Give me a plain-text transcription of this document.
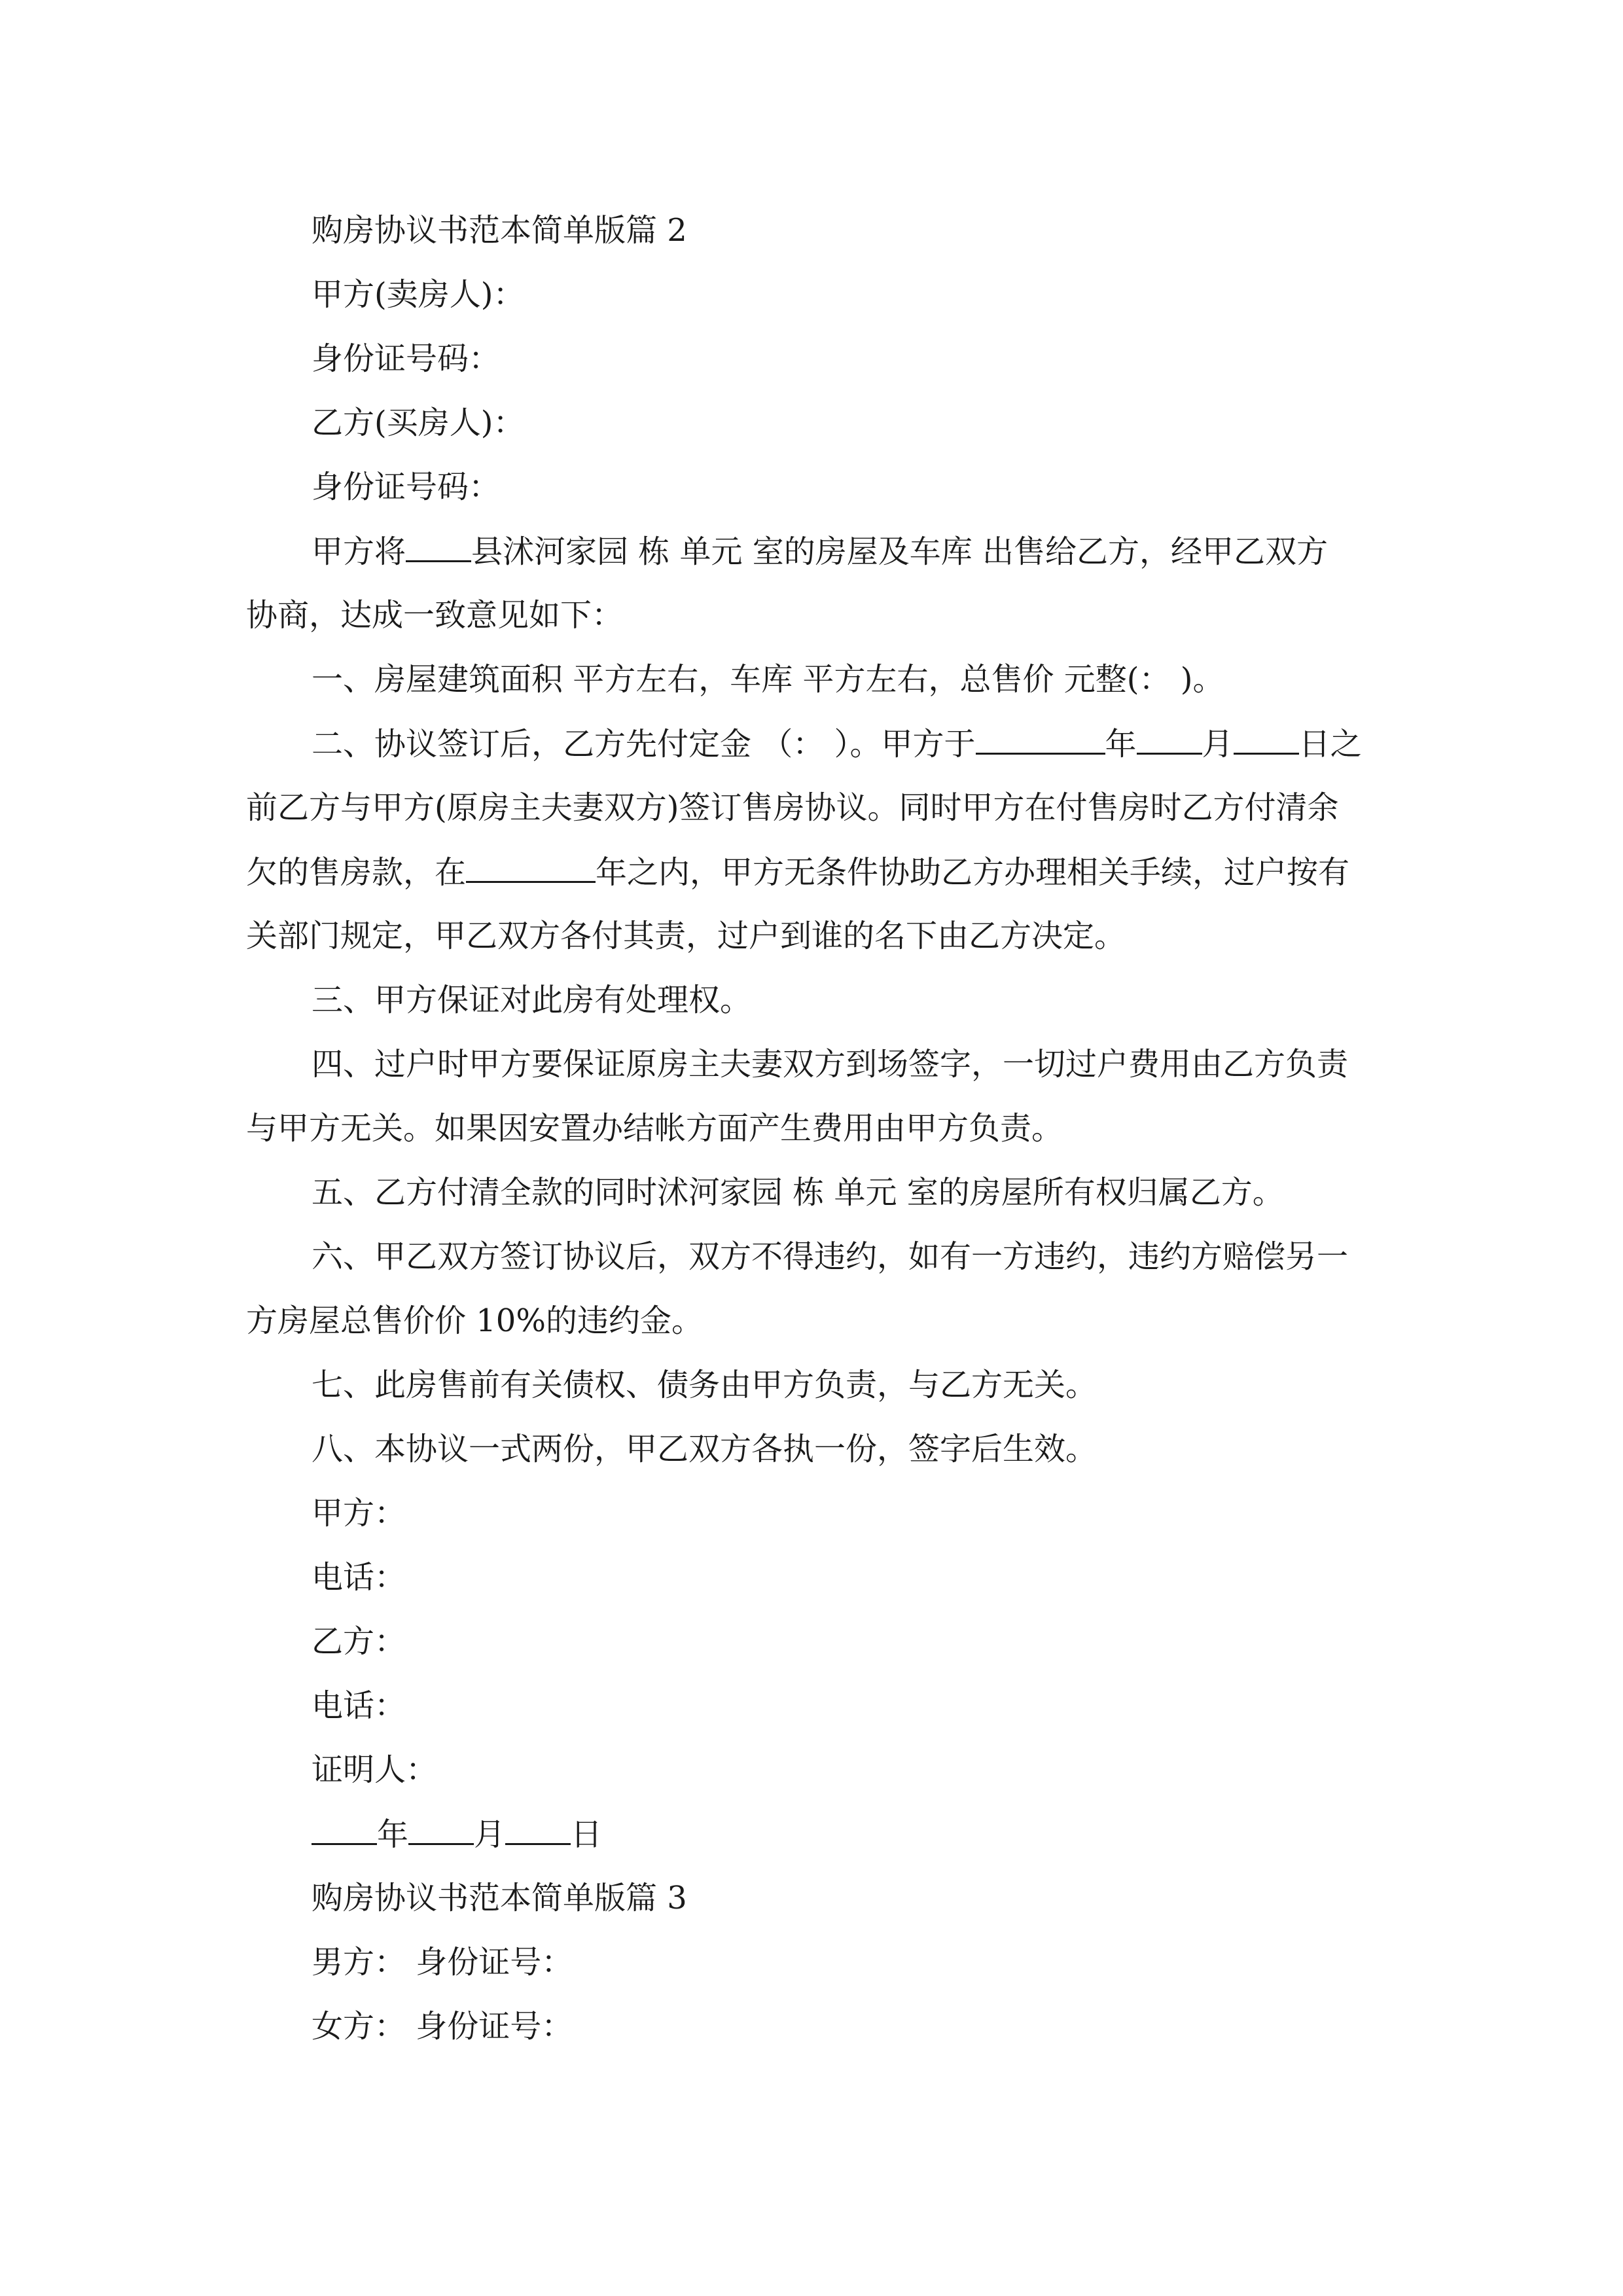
购房协议书范本简单版篇 2
甲方(卖房人)：
身份证号码：
乙方(买房人)：
身份证号码：
甲方将 县沭河家园 栋 单元 室的房屋及车库 出售给乙方，经甲乙双方
协商，达成一致意见如下：
一、房屋建筑面积 平方左右，车库 平方左右，总售价 元整(： )。
二、协议签订后，乙方先付定金 （： ）。甲方于	年 月 日之
前乙方与甲方(原房主夫妻双方)签订售房协议。同时甲方在付售房时乙方付清余
欠的售房款，在	年之内，甲方无条件协助乙方办理相关手续，过户按有
关部门规定，甲乙双方各付其责，过户到谁的名下由乙方决定。
三、甲方保证对此房有处理权。
四、过户时甲方要保证原房主夫妻双方到场签字，一切过户费用由乙方负责
与甲方无关。如果因安置办结帐方面产生费用由甲方负责。
五、乙方付清全款的同时沭河家园 栋 单元 室的房屋所有权归属乙方。
六、甲乙双方签订协议后，双方不得违约，如有一方违约，违约方赔偿另一
方房屋总售价价 10%的违约金。
七、此房售前有关债权、债务由甲方负责，与乙方无关。
八、本协议一式两份，甲乙双方各执一份，签字后生效。
甲方：
电话：
乙方：
电话：
证明人：
年 月 日
购房协议书范本简单版篇 3
男方： 身份证号：
女方： 身份证号：
